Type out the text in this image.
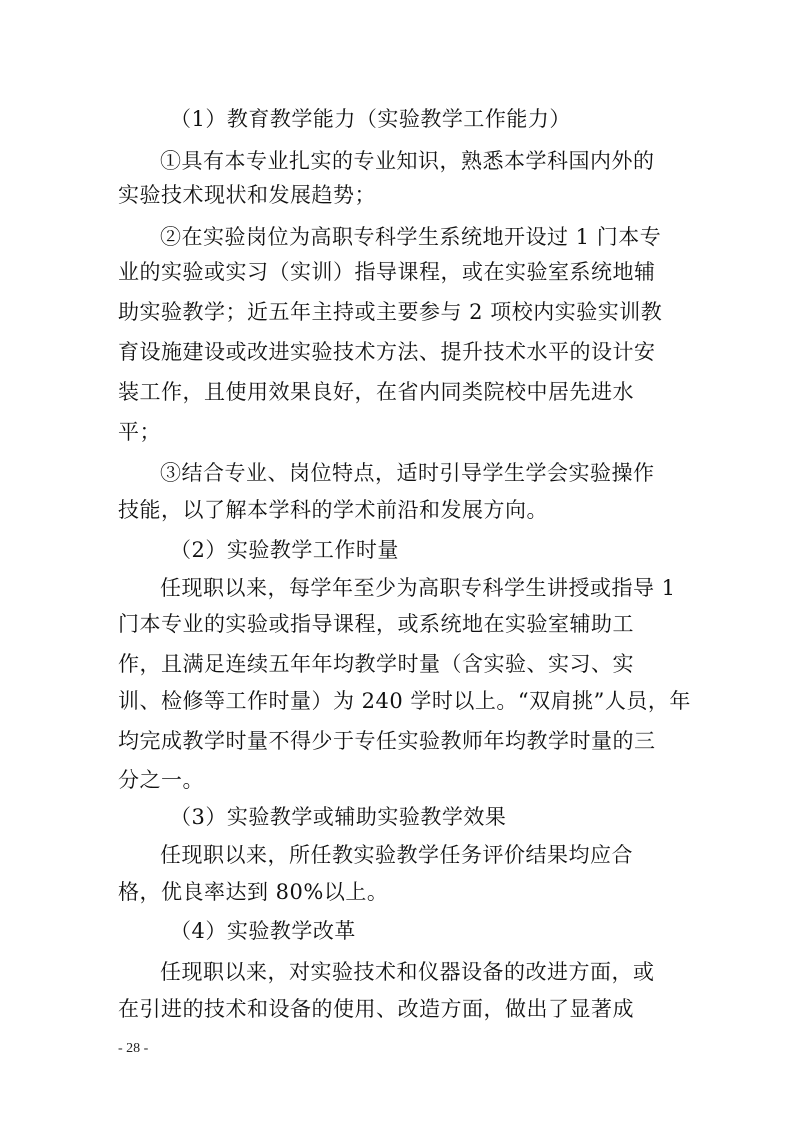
（1）教育教学能力（实验教学工作能力）
①具有本专业扎实的专业知识，熟悉本学科国内外的
实验技术现状和发展趋势；
②在实验岗位为高职专科学生系统地开设过 1 门本专
业的实验或实习（实训）指导课程，或在实验室系统地辅
助实验教学；近五年主持或主要参与 2 项校内实验实训教
育设施建设或改进实验技术方法、提升技术水平的设计安
装工作，且使用效果良好，在省内同类院校中居先进水
平；
③结合专业、岗位特点，适时引导学生学会实验操作
技能，以了解本学科的学术前沿和发展方向。
（2）实验教学工作时量
任现职以来，每学年至少为高职专科学生讲授或指导 1
门本专业的实验或指导课程，或系统地在实验室辅助工
作，且满足连续五年年均教学时量（含实验、实习、实
训、检修等工作时量）为 240 学时以上。“双肩挑”人员，年
均完成教学时量不得少于专任实验教师年均教学时量的三
分之一。
（3）实验教学或辅助实验教学效果
任现职以来，所任教实验教学任务评价结果均应合
格，优良率达到 80%以上。
（4）实验教学改革
任现职以来，对实验技术和仪器设备的改进方面，或
在引进的技术和设备的使用、改造方面，做出了显著成
- 28 -
